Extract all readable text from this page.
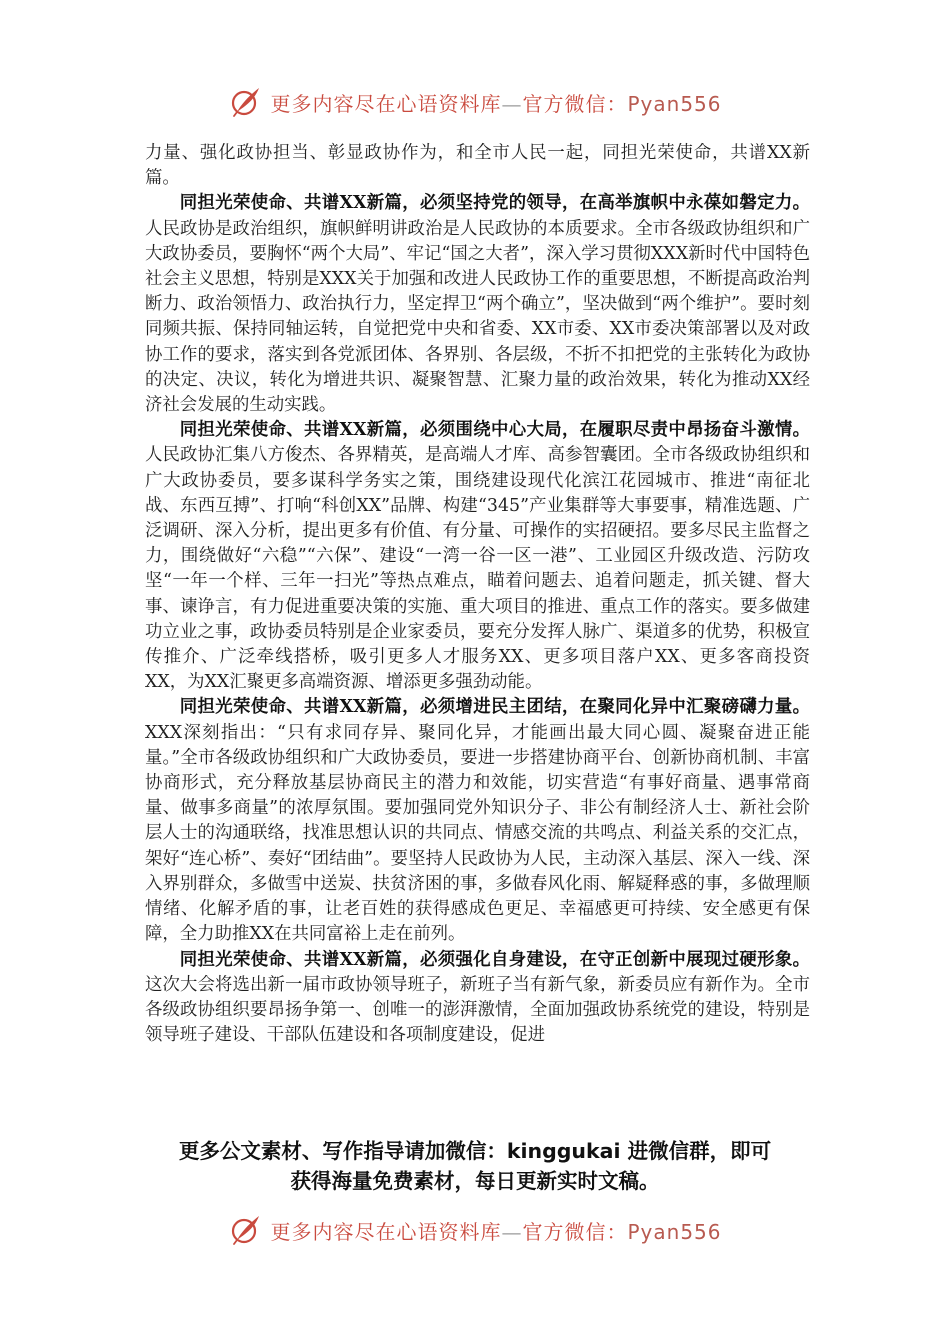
更多内容尽在心语资料库—官方微信：Pyan556

力量、强化政协担当、彰显政协作为，和全市人民一起，同担光荣使命，共谱XX新篇。

同担光荣使命、共谱XX新篇，必须坚持党的领导，在高举旗帜中永葆如磐定力。人民政协是政治组织，旗帜鲜明讲政治是人民政协的本质要求。全市各级政协组织和广大政协委员，要胸怀“两个大局”、牢记“国之大者”，深入学习贯彻XXX新时代中国特色社会主义思想，特别是XXX关于加强和改进人民政协工作的重要思想，不断提高政治判断力、政治领悟力、政治执行力，坚定捍卫“两个确立”，坚决做到“两个维护”。要时刻同频共振、保持同轴运转，自觉把党中央和省委、XX市委、XX市委决策部署以及对政协工作的要求，落实到各党派团体、各界别、各层级，不折不扣把党的主张转化为政协的决定、决议，转化为增进共识、凝聚智慧、汇聚力量的政治效果，转化为推动XX经济社会发展的生动实践。

同担光荣使命、共谱XX新篇，必须围绕中心大局，在履职尽责中昂扬奋斗激情。人民政协汇集八方俊杰、各界精英，是高端人才库、高参智囊团。全市各级政协组织和广大政协委员，要多谋科学务实之策，围绕建设现代化滨江花园城市、推进“南征北战、东西互搏”、打响“科创XX”品牌、构建“345”产业集群等大事要事，精准选题、广泛调研、深入分析，提出更多有价值、有分量、可操作的实招硬招。要多尽民主监督之力，围绕做好“六稳”“六保”、建设“一湾一谷一区一港”、工业园区升级改造、污防攻坚“一年一个样、三年一扫光”等热点难点，瞄着问题去、追着问题走，抓关键、督大事、谏诤言，有力促进重要决策的实施、重大项目的推进、重点工作的落实。要多做建功立业之事，政协委员特别是企业家委员，要充分发挥人脉广、渠道多的优势，积极宣传推介、广泛牵线搭桥，吸引更多人才服务XX、更多项目落户XX、更多客商投资XX，为XX汇聚更多高端资源、增添更多强劲动能。

同担光荣使命、共谱XX新篇，必须增进民主团结，在聚同化异中汇聚磅礴力量。XXX深刻指出：“只有求同存异、聚同化异，才能画出最大同心圆、凝聚奋进正能量。”全市各级政协组织和广大政协委员，要进一步搭建协商平台、创新协商机制、丰富协商形式，充分释放基层协商民主的潜力和效能，切实营造“有事好商量、遇事常商量、做事多商量”的浓厚氛围。要加强同党外知识分子、非公有制经济人士、新社会阶层人士的沟通联络，找准思想认识的共同点、情感交流的共鸣点、利益关系的交汇点，架好“连心桥”、奏好“团结曲”。要坚持人民政协为人民，主动深入基层、深入一线、深入界别群众，多做雪中送炭、扶贫济困的事，多做春风化雨、解疑释惑的事，多做理顺情绪、化解矛盾的事，让老百姓的获得感成色更足、幸福感更可持续、安全感更有保障，全力助推XX在共同富裕上走在前列。

同担光荣使命、共谱XX新篇，必须强化自身建设，在守正创新中展现过硬形象。这次大会将选出新一届市政协领导班子，新班子当有新气象，新委员应有新作为。全市各级政协组织要昂扬争第一、创唯一的澎湃激情，全面加强政协系统党的建设，特别是领导班子建设、干部队伍建设和各项制度建设，促进

更多公文素材、写作指导请加微信：kinggukai 进微信群，即可
获得海量免费素材，每日更新实时文稿。
更多内容尽在心语资料库—官方微信：Pyan556
